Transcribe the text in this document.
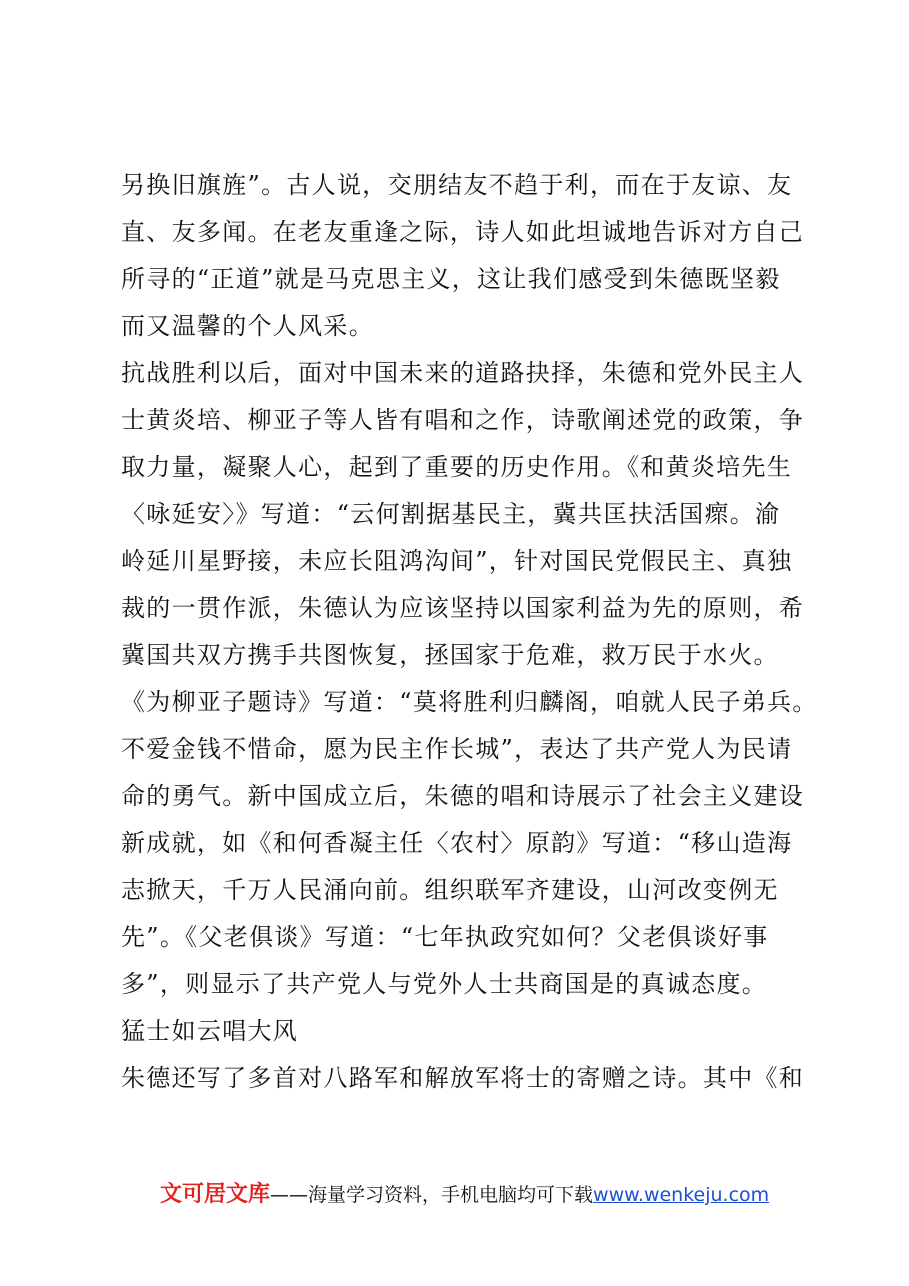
另换旧旗旌”。古人说，交朋结友不趋于利，而在于友谅、友
直、友多闻。在老友重逢之际，诗人如此坦诚地告诉对方自己
所寻的“正道”就是马克思主义，这让我们感受到朱德既坚毅
而又温馨的个人风采。
抗战胜利以后，面对中国未来的道路抉择，朱德和党外民主人
士黄炎培、柳亚子等人皆有唱和之作，诗歌阐述党的政策，争
取力量，凝聚人心，起到了重要的历史作用。《和黄炎培先生
〈咏延安〉》写道：“云何割据基民主，冀共匡扶活国瘝。渝
岭延川星野接，未应长阻鸿沟间”，针对国民党假民主、真独
裁的一贯作派，朱德认为应该坚持以国家利益为先的原则，希
冀国共双方携手共图恢复，拯国家于危难，救万民于水火。
《为柳亚子题诗》写道：“莫将胜利归麟阁，咱就人民子弟兵。
不爱金钱不惜命，愿为民主作长城”，表达了共产党人为民请
命的勇气。新中国成立后，朱德的唱和诗展示了社会主义建设
新成就，如《和何香凝主任〈农村〉原韵》写道：“移山造海
志掀天，千万人民涌向前。组织联军齐建设，山河改变例无
先”。《父老俱谈》写道：“七年执政究如何？父老俱谈好事
多”，则显示了共产党人与党外人士共商国是的真诚态度。
猛士如云唱大风
朱德还写了多首对八路军和解放军将士的寄赠之诗。其中《和
文可居文库——海量学习资料，手机电脑均可下载www.wenkeju.com
